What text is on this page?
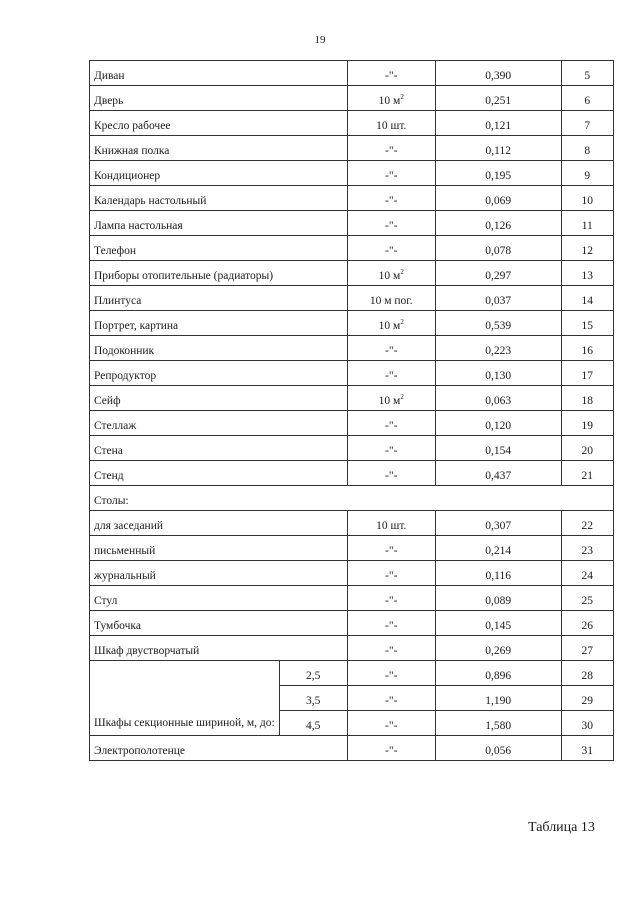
19
Диван		-"-	0,390	5
Дверь		10 $м^2$	0,251	6
Кресло рабочее		10 шт.	0,121	7
Книжная полка		-"-	0,112	8
Кондиционер		-"-	0,195	9
Календарь настольный		-"-	0,069	10
Лампа настольная		-"-	0,126	11
Телефон		-"-	0,078	12
Приборы отопительные (радиаторы)		10 $м^2$	0,297	13
Плинтуса		10 м пог.	0,037	14
Портрет, картина		10 $м^2$	0,539	15
Подоконник		-"-	0,223	16
Репродуктор		-"-	0,130	17
Сейф		10 $м^2$	0,063	18
Стеллаж		-"-	0,120	19
Стена		-"-	0,154	20
Стенд		-"-	0,437	21
Столы:				
для заседаний		10 шт.	0,307	22
письменный		-"-	0,214	23
журнальный		-"-	0,116	24
Стул		-"-	0,089	25
Тумбочка		-"-	0,145	26
Шкаф двустворчатый		-"-	0,269	27
Шкафы секционные шириной, м, до:	2,5	-"-	0,896	28
	3,5	-"-	1,190	29
	4,5	-"-	1,580	30
Электрополотенце		-"-	0,056	31
Таблица 13
